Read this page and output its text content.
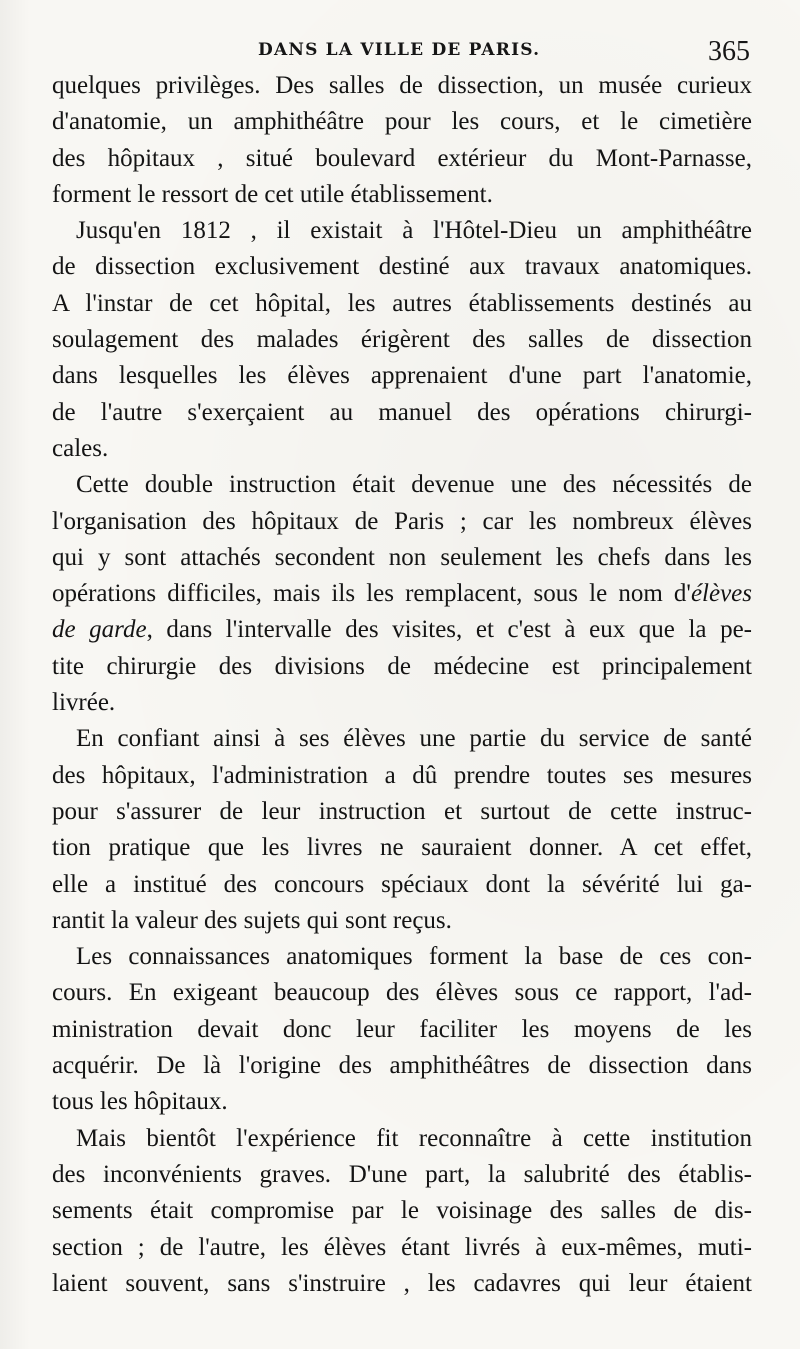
DANS LA VILLE DE PARIS.	365
quelques privilèges. Des salles de dissection, un musée curieux
d'anatomie, un amphithéâtre pour les cours, et le cimetière
des hôpitaux , situé boulevard extérieur du Mont-Parnasse,
forment le ressort de cet utile établissement.
Jusqu'en 1812 , il existait à l'Hôtel-Dieu un amphithéâtre
de dissection exclusivement destiné aux travaux anatomiques.
A l'instar de cet hôpital, les autres établissements destinés au
soulagement des malades érigèrent des salles de dissection
dans lesquelles les élèves apprenaient d'une part l'anatomie,
de l'autre s'exerçaient au manuel des opérations chirurgi-
cales.
Cette double instruction était devenue une des nécessités de
l'organisation des hôpitaux de Paris ; car les nombreux élèves
qui y sont attachés secondent non seulement les chefs dans les
opérations difficiles, mais ils les remplacent, sous le nom d'élèves
de garde, dans l'intervalle des visites, et c'est à eux que la pe-
tite chirurgie des divisions de médecine est principalement
livrée.
En confiant ainsi à ses élèves une partie du service de santé
des hôpitaux, l'administration a dû prendre toutes ses mesures
pour s'assurer de leur instruction et surtout de cette instruc-
tion pratique que les livres ne sauraient donner. A cet effet,
elle a institué des concours spéciaux dont la sévérité lui ga-
rantit la valeur des sujets qui sont reçus.
Les connaissances anatomiques forment la base de ces con-
cours. En exigeant beaucoup des élèves sous ce rapport, l'ad-
ministration devait donc leur faciliter les moyens de les
acquérir. De là l'origine des amphithéâtres de dissection dans
tous les hôpitaux.
Mais bientôt l'expérience fit reconnaître à cette institution
des inconvénients graves. D'une part, la salubrité des établis-
sements était compromise par le voisinage des salles de dis-
section ; de l'autre, les élèves étant livrés à eux-mêmes, muti-
laient souvent, sans s'instruire , les cadavres qui leur étaient
